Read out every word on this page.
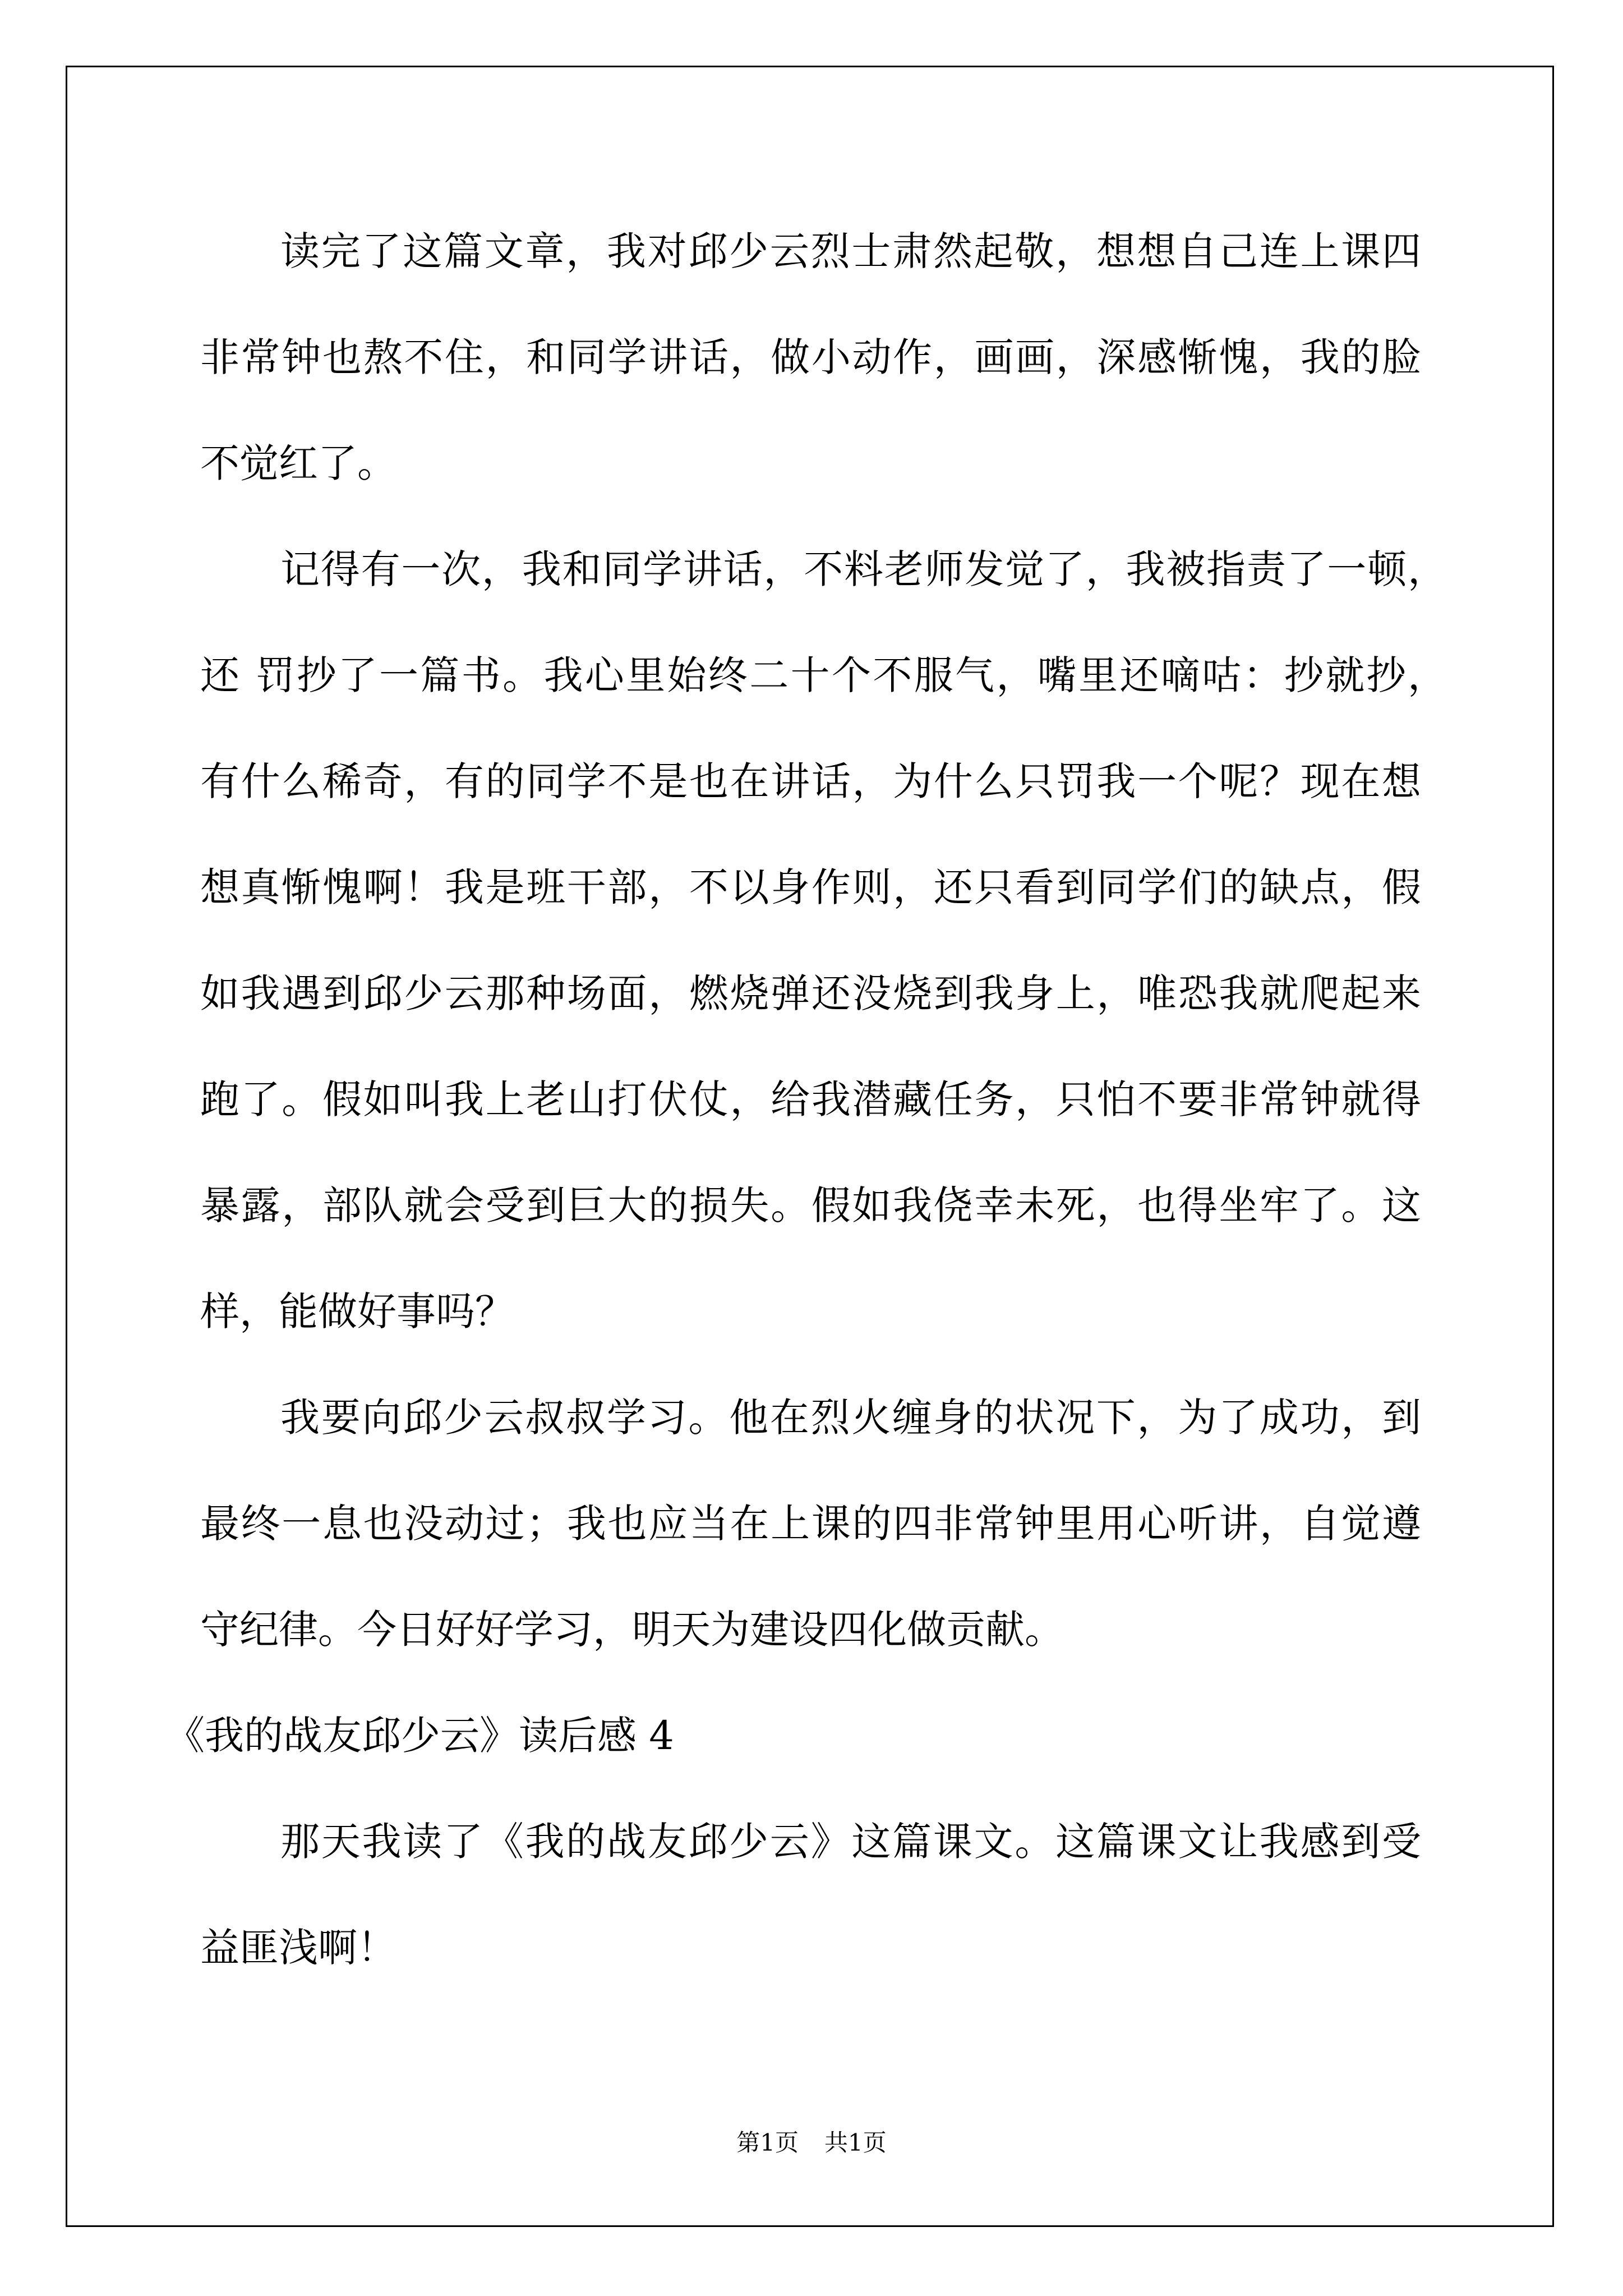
读完了这篇文章，我对邱少云烈士肃然起敬，想想自己连上课四
非常钟也熬不住，和同学讲话，做小动作，画画，深感惭愧，我的脸
不觉红了。
记得有一次，我和同学讲话，不料老师发觉了，我被指责了一顿，
还 罚抄了一篇书。我心里始终二十个不服气，嘴里还嘀咕：抄就抄，
有什么稀奇，有的同学不是也在讲话，为什么只罚我一个呢？现在想
想真惭愧啊！我是班干部，不以身作则，还只看到同学们的缺点，假
如我遇到邱少云那种场面，燃烧弹还没烧到我身上，唯恐我就爬起来
跑了。假如叫我上老山打伏仗，给我潜藏任务，只怕不要非常钟就得
暴露，部队就会受到巨大的损失。假如我侥幸未死，也得坐牢了。这
样，能做好事吗？
我要向邱少云叔叔学习。他在烈火缠身的状况下，为了成功，到
最终一息也没动过；我也应当在上课的四非常钟里用心听讲，自觉遵
守纪律。今日好好学习，明天为建设四化做贡献。
《我的战友邱少云》读后感 4
那天我读了《我的战友邱少云》这篇课文。这篇课文让我感到受
益匪浅啊！
第1页 共1页
